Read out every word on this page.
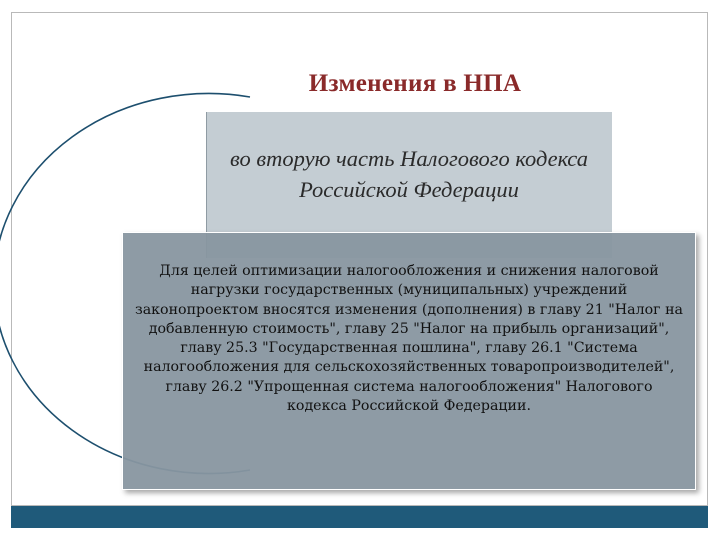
во вторую часть Налогового кодекса Российской Федерации
Изменения в НПА
Для целей оптимизации налогообложения и снижения налоговой нагрузки государственных (муниципальных) учреждений законопроектом вносятся изменения (дополнения) в главу 21 "Налог на добавленную стоимость", главу 25 "Налог на прибыль организаций", главу 25.3 "Государственная пошлина", главу 26.1 "Система налогообложения для сельскохозяйственных товаропроизводителей", главу 26.2 "Упрощенная система налогообложения" Налогового кодекса Российской Федерации.
